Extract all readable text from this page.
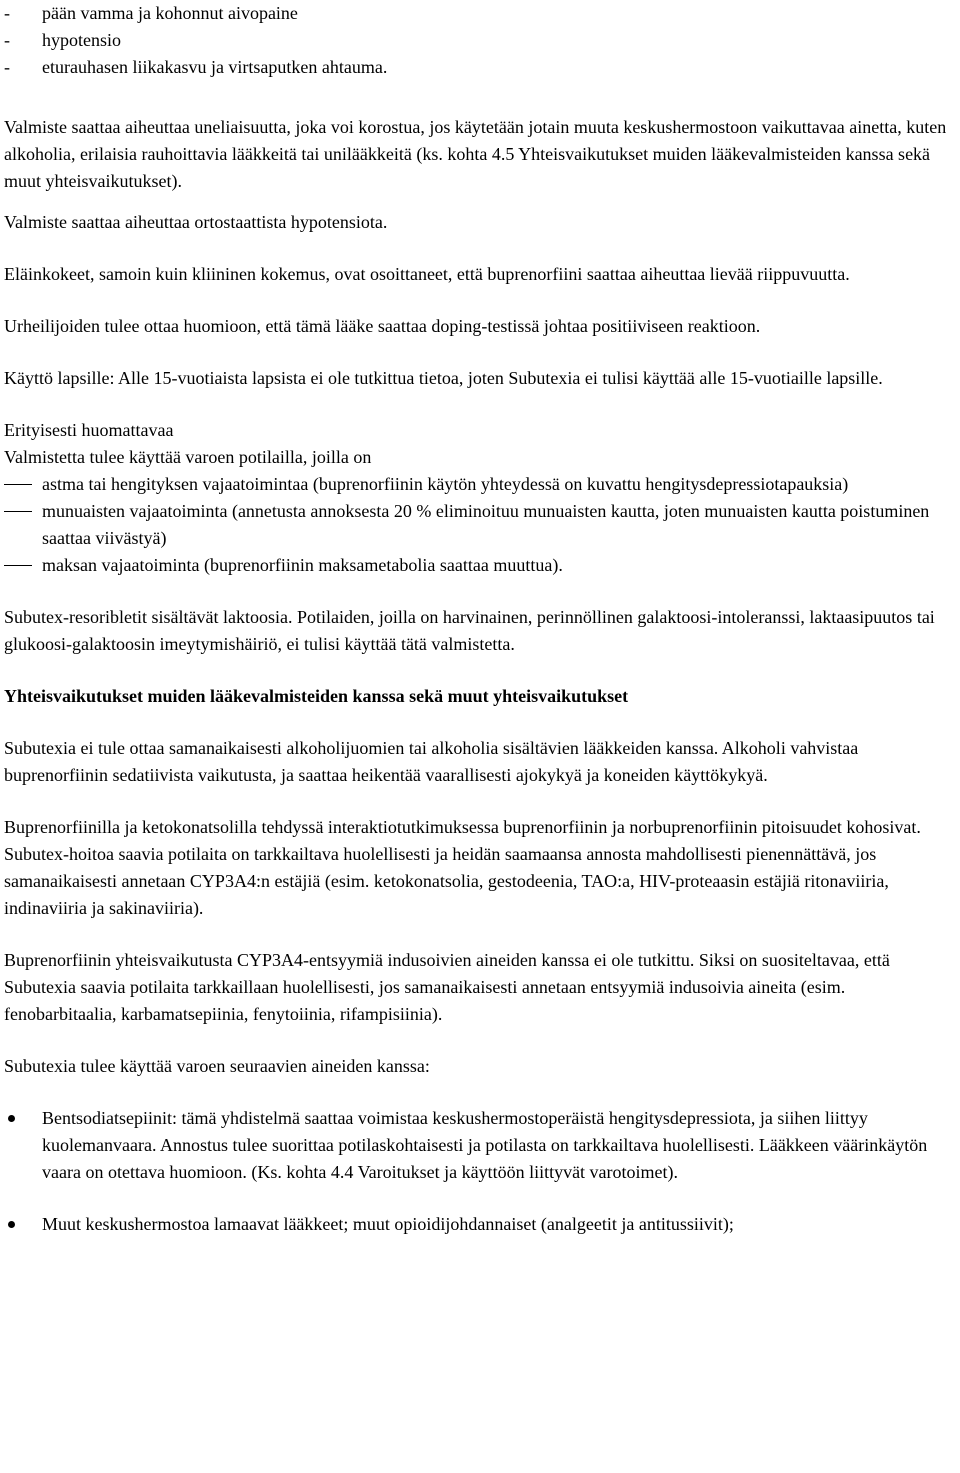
- pään vamma ja kohonnut aivopaine
- hypotensio
- eturauhasen liikakasvu ja virtsaputken ahtauma.

Valmiste saattaa aiheuttaa uneliaisuutta, joka voi korostua, jos käytetään jotain muuta keskushermostoon vaikuttavaa ainetta, kuten alkoholia, erilaisia rauhoittavia lääkkeitä tai unilääkkeitä (ks. kohta 4.5 Yhteisvaikutukset muiden lääkevalmisteiden kanssa sekä muut yhteisvaikutukset).

Valmiste saattaa aiheuttaa ortostaattista hypotensiota.

Eläinkokeet, samoin kuin kliininen kokemus, ovat osoittaneet, että buprenorfiini saattaa aiheuttaa lievää riippuvuutta.

Urheilijoiden tulee ottaa huomioon, että tämä lääke saattaa doping-testissä johtaa positiiviseen reaktioon.

Käyttö lapsille: Alle 15-vuotiaista lapsista ei ole tutkittua tietoa, joten Subutexia ei tulisi käyttää alle 15-vuotiaille lapsille.

Erityisesti huomattavaa

Valmistetta tulee käyttää varoen potilailla, joilla on

astma tai hengityksen vajaatoimintaa (buprenorfiinin käytön yhteydessä on kuvattu hengitysdepressiotapauksia)
munuaisten vajaatoiminta (annetusta annoksesta 20 % eliminoituu munuaisten kautta, joten munuaisten kautta poistuminen saattaa viivästyä)
maksan vajaatoiminta (buprenorfiinin maksametabolia saattaa muuttua).

Subutex-resoribletit sisältävät laktoosia. Potilaiden, joilla on harvinainen, perinnöllinen galaktoosi-intoleranssi, laktaasipuutos tai glukoosi-galaktoosin imeytymishäiriö, ei tulisi käyttää tätä valmistetta.

Yhteisvaikutukset muiden lääkevalmisteiden kanssa sekä muut yhteisvaikutukset

Subutexia ei tule ottaa samanaikaisesti alkoholijuomien tai alkoholia sisältävien lääkkeiden kanssa. Alkoholi vahvistaa buprenorfiinin sedatiivista vaikutusta, ja saattaa heikentää vaarallisesti ajokykyä ja koneiden käyttökykyä.

Buprenorfiinilla ja ketokonatsolilla tehdyssä interaktiotutkimuksessa buprenorfiinin ja norbuprenorfiinin pitoisuudet kohosivat. Subutex-hoitoa saavia potilaita on tarkkailtava huolellisesti ja heidän saamaansa annosta mahdollisesti pienennättävä, jos samanaikaisesti annetaan CYP3A4:n estäjiä (esim. ketokonatsolia, gestodeenia, TAO:a, HIV-proteaasin estäjiä ritonaviiria, indinaviiria ja sakinaviiria).

Buprenorfiinin yhteisvaikutusta CYP3A4-entsyymiä indusoivien aineiden kanssa ei ole tutkittu. Siksi on suositeltavaa, että Subutexia saavia potilaita tarkkaillaan huolellisesti, jos samanaikaisesti annetaan entsyymiä indusoivia aineita (esim. fenobarbitaalia, karbamatsepiinia, fenytoiinia, rifampisiinia).

Subutexia tulee käyttää varoen seuraavien aineiden kanssa:

Bentsodiatsepiinit: tämä yhdistelmä saattaa voimistaa keskushermostoperäistä hengitysdepressiota, ja siihen liittyy kuolemanvaara. Annostus tulee suorittaa potilaskohtaisesti ja potilasta on tarkkailtava huolellisesti. Lääkkeen väärinkäytön vaara on otettava huomioon. (Ks. kohta 4.4 Varoitukset ja käyttöön liittyvät varotoimet).
Muut keskushermostoa lamaavat lääkkeet; muut opioidijohdannaiset (analgeetit ja antitussiivit);
